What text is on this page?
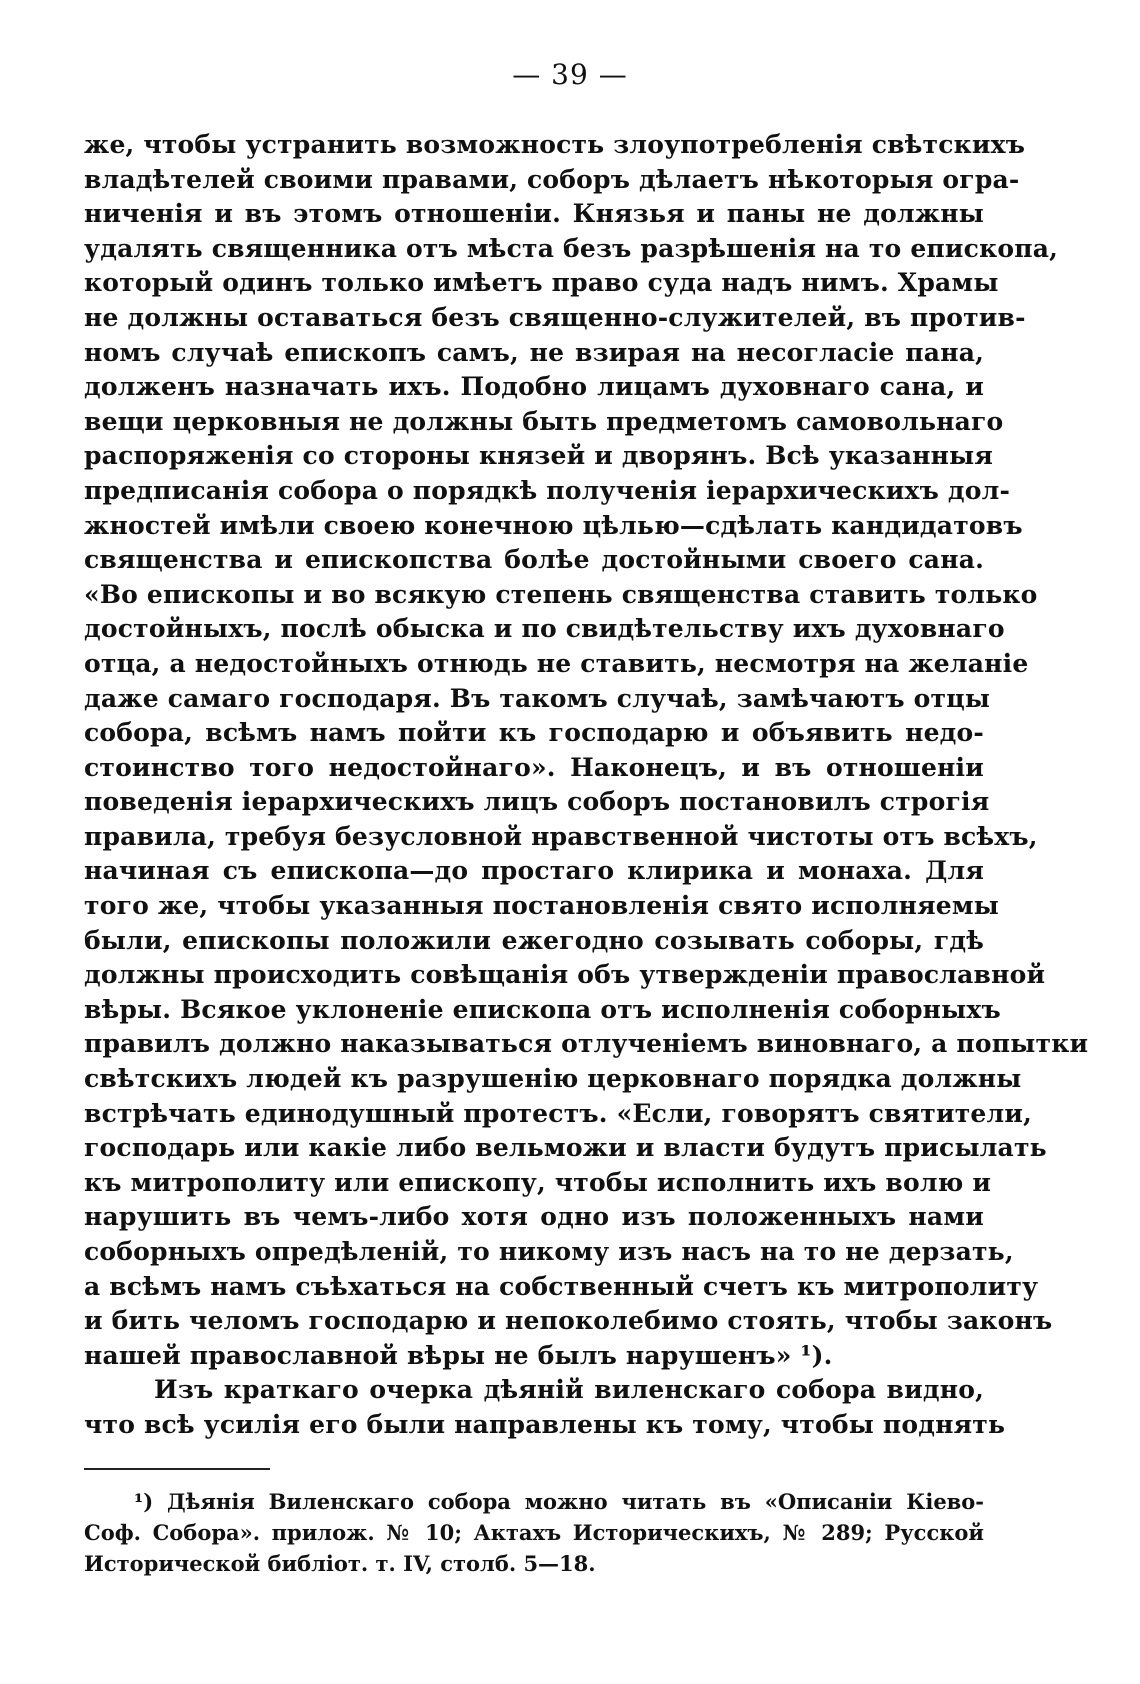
— 39 —
же, чтобы устранить возможность злоупотребленія свѣтскихъ
владѣтелей своими правами, соборъ дѣлаетъ нѣкоторыя огра-
ниченія и въ этомъ отношеніи. Князья и паны не должны
удалять священника отъ мѣста безъ разрѣшенія на то епископа,
который одинъ только имѣетъ право суда надъ нимъ. Храмы
не должны оставаться безъ священно-служителей, въ против-
номъ случаѣ епископъ самъ, не взирая на несогласіе пана,
долженъ назначать ихъ. Подобно лицамъ духовнаго сана, и
вещи церковныя не должны быть предметомъ самовольнаго
распоряженія со стороны князей и дворянъ. Всѣ указанныя
предписанія собора о порядкѣ полученія іерархическихъ дол-
жностей имѣли своею конечною цѣлью—сдѣлать кандидатовъ
священства и епископства болѣе достойными своего сана.
«Во епископы и во всякую степень священства ставить только
достойныхъ, послѣ обыска и по свидѣтельству ихъ духовнаго
отца, а недостойныхъ отнюдь не ставить, несмотря на желаніе
даже самаго господаря. Въ такомъ случаѣ, замѣчаютъ отцы
собора, всѣмъ намъ пойти къ господарю и объявить недо-
стоинство того недостойнаго». Наконецъ, и въ отношеніи
поведенія іерархическихъ лицъ соборъ постановилъ строгія
правила, требуя безусловной нравственной чистоты отъ всѣхъ,
начиная съ епископа—до простаго клирика и монаха. Для
того же, чтобы указанныя постановленія свято исполняемы
были, епископы положили ежегодно созывать соборы, гдѣ
должны происходить совѣщанія объ утвержденіи православной
вѣры. Всякое уклоненіе епископа отъ исполненія соборныхъ
правилъ должно наказываться отлученіемъ виновнаго, а попытки
свѣтскихъ людей къ разрушенію церковнаго порядка должны
встрѣчать единодушный протестъ. «Если, говорятъ святители,
господарь или какіе либо вельможи и власти будутъ присылать
къ митрополиту или епископу, чтобы исполнить ихъ волю и
нарушить въ чемъ-либо хотя одно изъ положенныхъ нами
соборныхъ опредѣленій, то никому изъ насъ на то не дерзать,
а всѣмъ намъ съѣхаться на собственный счетъ къ митрополиту
и бить челомъ господарю и непоколебимо стоять, чтобы законъ
нашей православной вѣры не былъ нарушенъ» ¹).
Изъ краткаго очерка дѣяній виленскаго собора видно,
что всѣ усилія его были направлены къ тому, чтобы поднять
¹) Дѣянія Виленскаго собора можно читать въ «Описаніи Кіево-
Соф. Собора». прилож. № 10; Актахъ Историческихъ, № 289; Русской
Исторической библіот. т. IV, столб. 5—18.
